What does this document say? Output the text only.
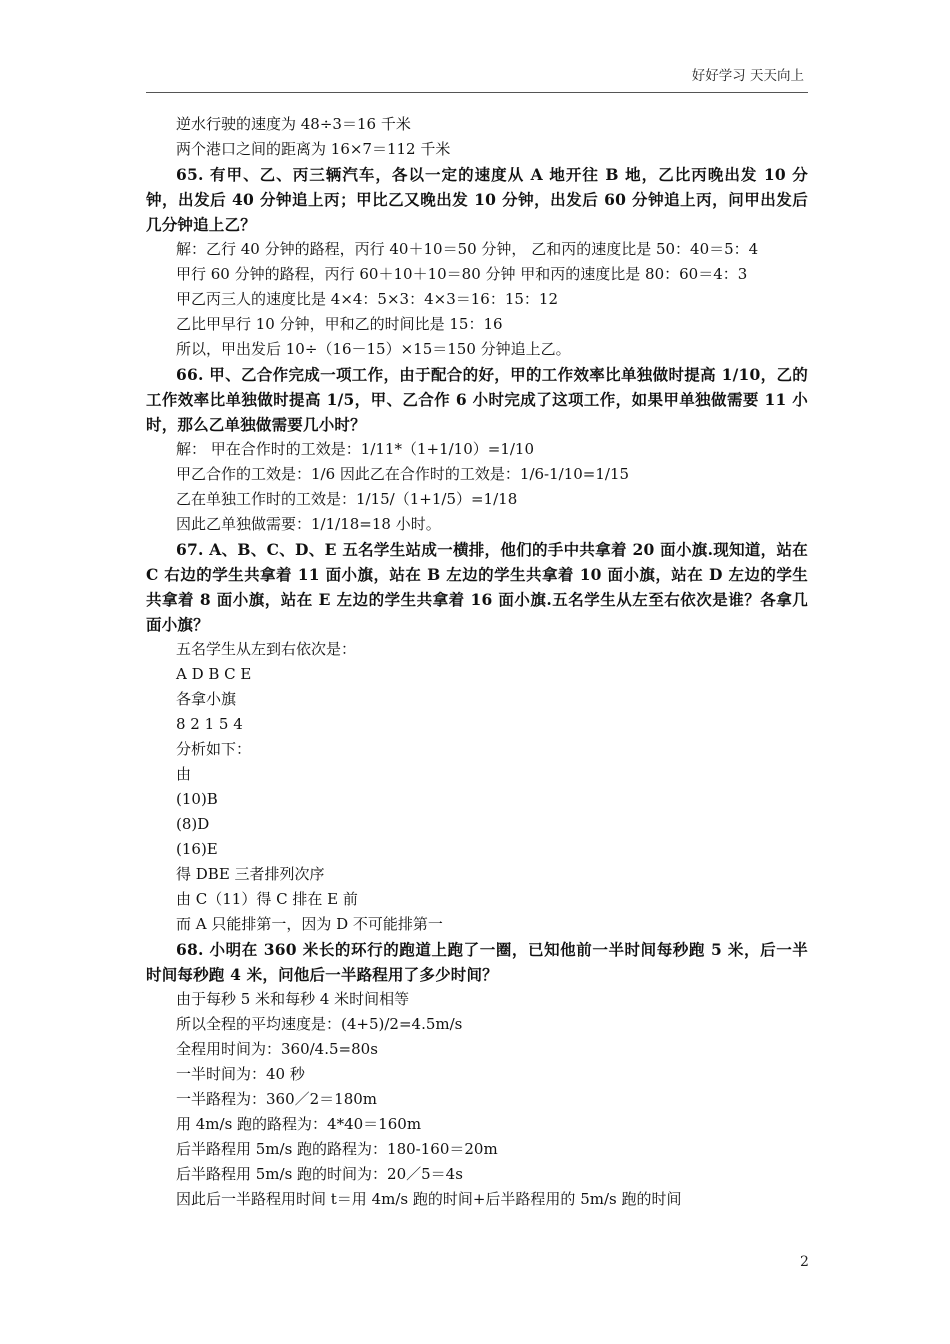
好好学习 天天向上
逆水行驶的速度为 48÷3＝16 千米
两个港口之间的距离为 16×7＝112 千米
65. 有甲、乙、丙三辆汽车，各以一定的速度从 A 地开往 B 地，乙比丙晚出发 10 分钟，出发后 40 分钟追上丙；甲比乙又晚出发 10 分钟，出发后 60 分钟追上丙，问甲出发后几分钟追上乙？
解：乙行 40 分钟的路程，丙行 40＋10＝50 分钟， 乙和丙的速度比是 50：40＝5：4
甲行 60 分钟的路程，丙行 60＋10＋10＝80 分钟 甲和丙的速度比是 80：60＝4：3
甲乙丙三人的速度比是 4×4：5×3：4×3＝16：15：12
乙比甲早行 10 分钟，甲和乙的时间比是 15：16
所以，甲出发后 10÷（16－15）×15＝150 分钟追上乙。
66. 甲、乙合作完成一项工作，由于配合的好，甲的工作效率比单独做时提高 1/10，乙的工作效率比单独做时提高 1/5，甲、乙合作 6 小时完成了这项工作，如果甲单独做需要 11 小时，那么乙单独做需要几小时？
解： 甲在合作时的工效是：1/11*（1+1/10）=1/10
甲乙合作的工效是：1/6 因此乙在合作时的工效是：1/6-1/10=1/15
乙在单独工作时的工效是：1/15/（1+1/5）=1/18
因此乙单独做需要：1/1/18=18 小时。
67. A、B、C、D、E 五名学生站成一横排，他们的手中共拿着 20 面小旗.现知道，站在 C 右边的学生共拿着 11 面小旗，站在 B 左边的学生共拿着 10 面小旗，站在 D 左边的学生共拿着 8 面小旗，站在 E 左边的学生共拿着 16 面小旗.五名学生从左至右依次是谁？各拿几面小旗？
五名学生从左到右依次是：
A D B C E
各拿小旗
8 2 1 5 4
分析如下：
由
(10)B
(8)D
(16)E
得 DBE 三者排列次序
由 C（11）得 C 排在 E 前
而 A 只能排第一，因为 D 不可能排第一
68. 小明在 360 米长的环行的跑道上跑了一圈，已知他前一半时间每秒跑 5 米，后一半时间每秒跑 4 米，问他后一半路程用了多少时间？
由于每秒 5 米和每秒 4 米时间相等
所以全程的平均速度是：(4+5)/2=4.5m/s
全程用时间为：360/4.5=80s
一半时间为：40 秒
一半路程为：360／2＝180m
用 4m/s 跑的路程为：4*40＝160m
后半路程用 5m/s 跑的路程为：180-160＝20m
后半路程用 5m/s 跑的时间为：20／5＝4s
因此后一半路程用时间 t＝用 4m/s 跑的时间+后半路程用的 5m/s 跑的时间
2
